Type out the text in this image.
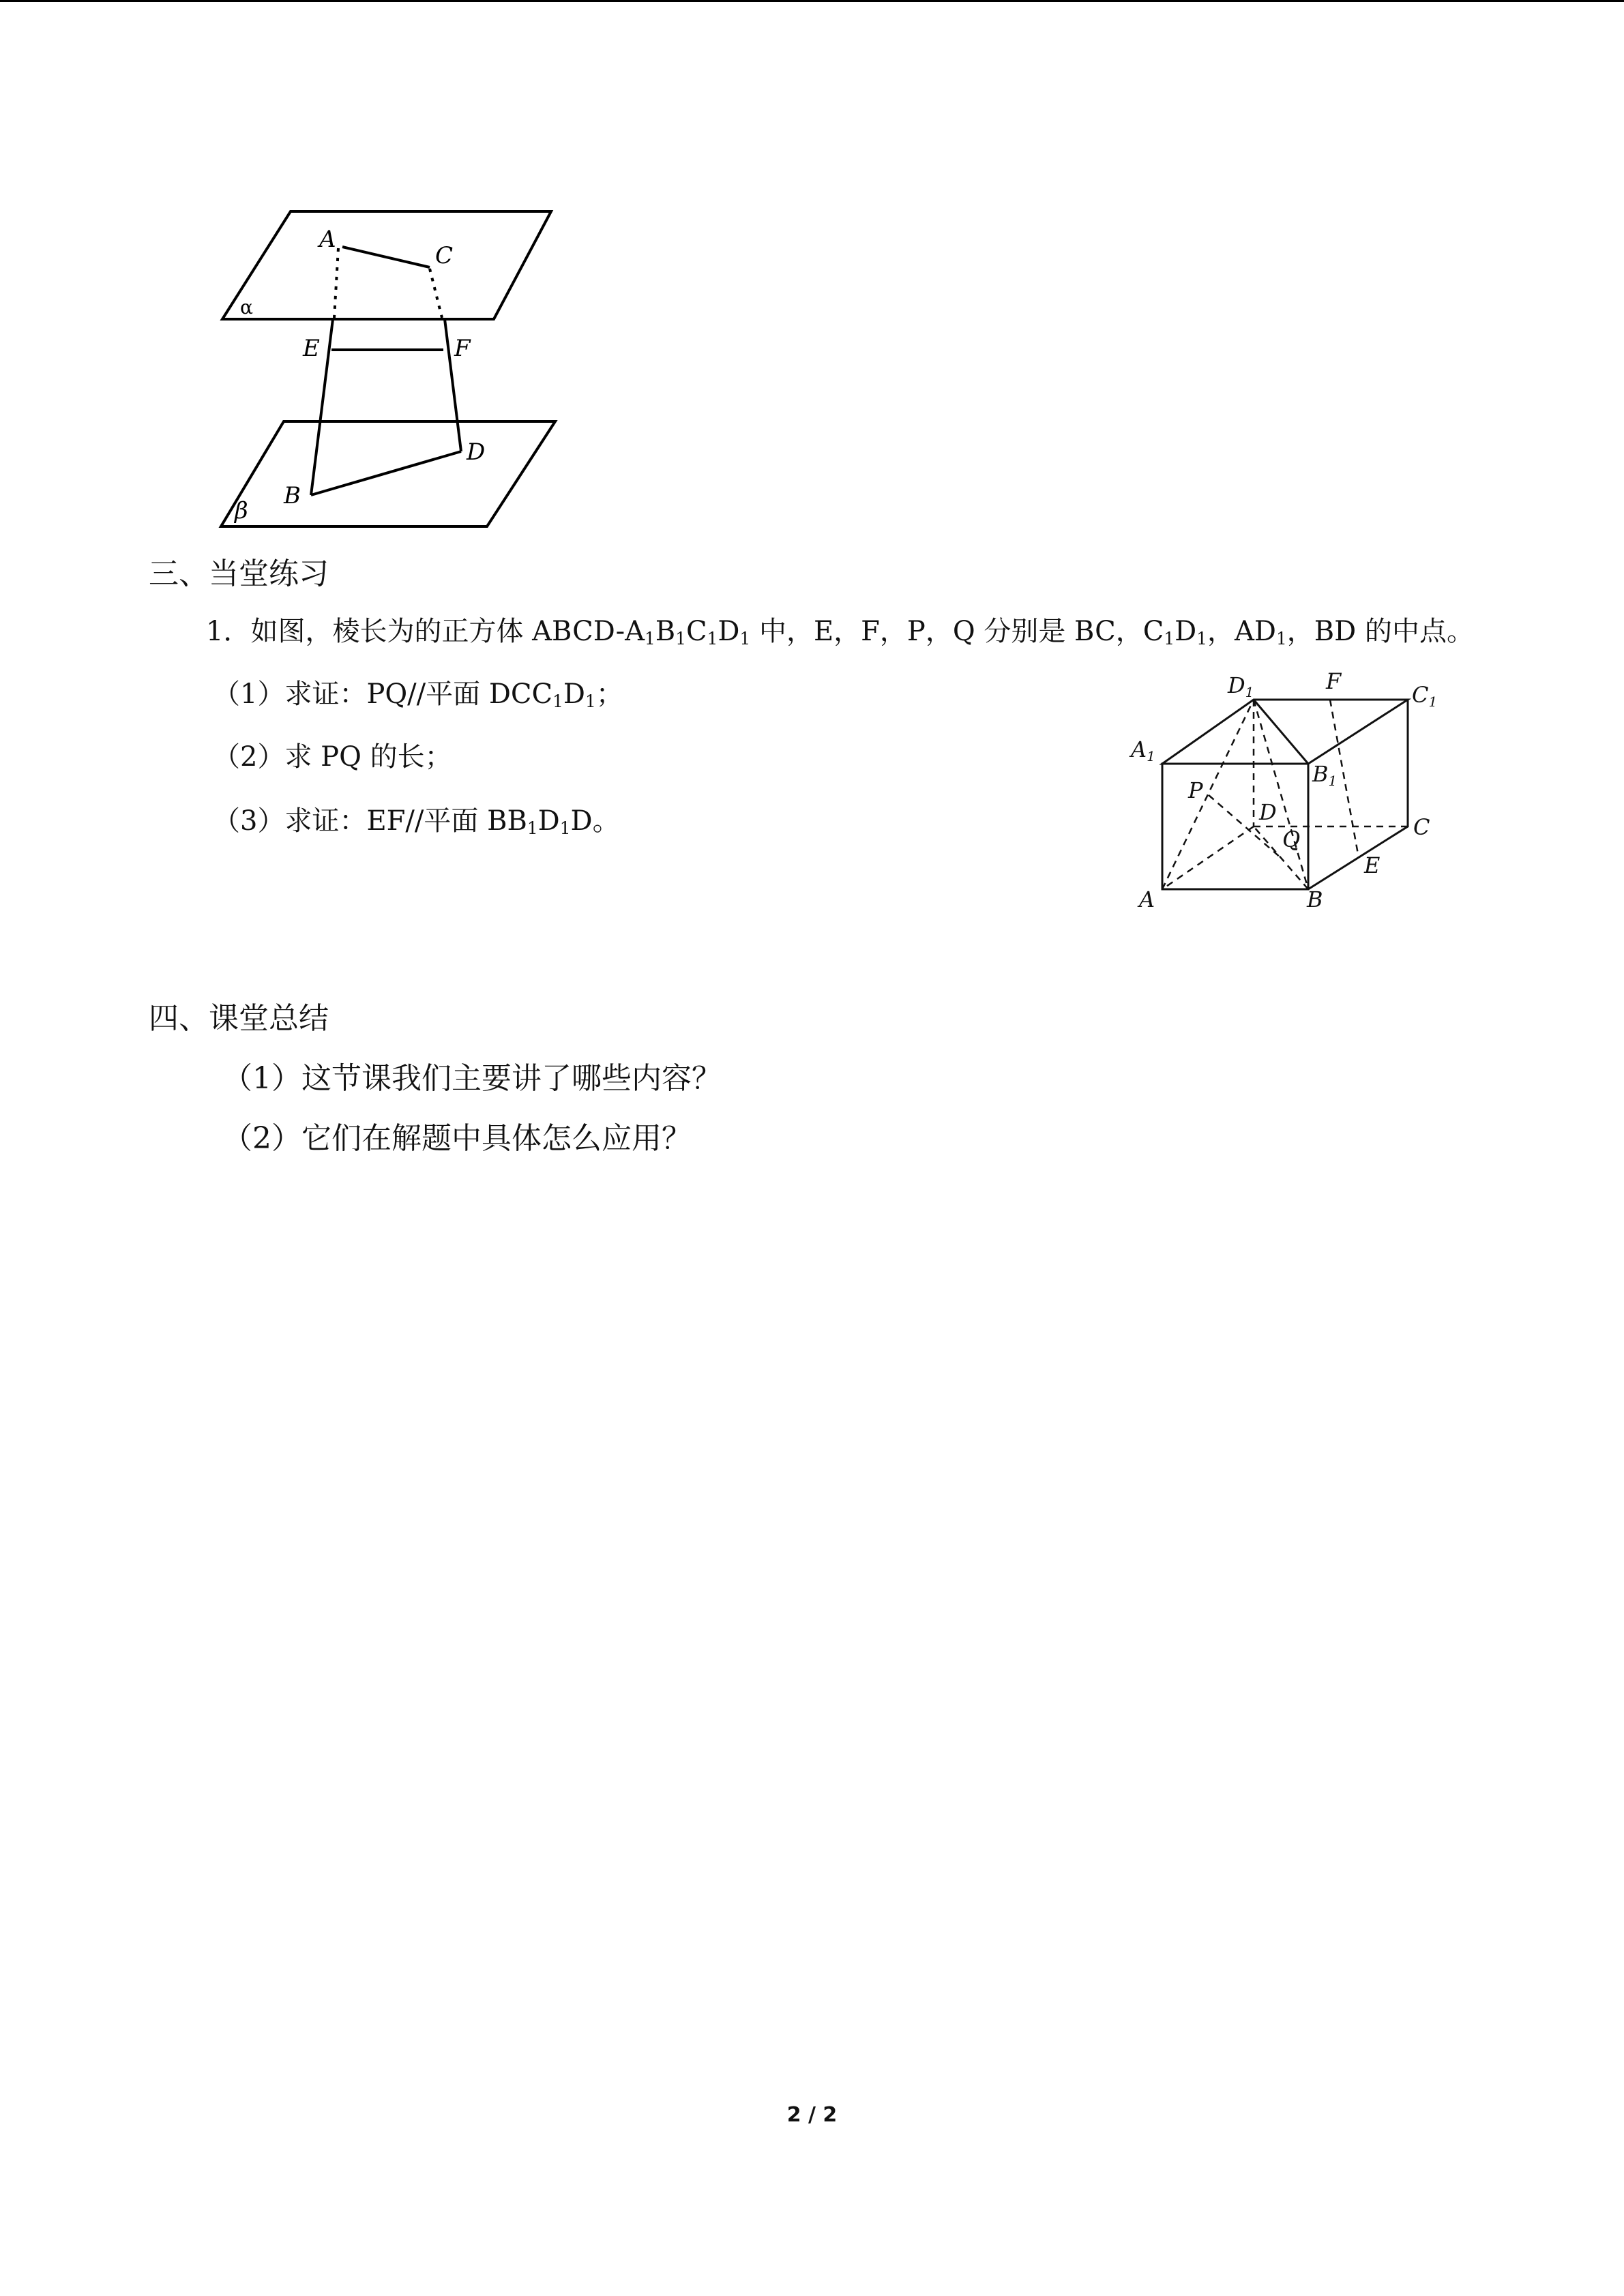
A
C
α
E	F
B
D
β
三、当堂练习
1．如图，棱长为的正方体 ABCD-$A_1B_1C_1D_1$ 中，E，F，P，Q 分别是 BC，$C_1D_1$，$AD_1$，BD 的中点。
（1）求证：PQ//平面 $DCC_1D_1$；
（2）求 PQ 的长；
（3）求证：EF//平面 $BB_1D_1D$。
D1	F
C1
A1
B1
P
D
Q	C
E
A	B
四、课堂总结
（1）这节课我们主要讲了哪些内容？
（2）它们在解题中具体怎么应用？
2 / 2
